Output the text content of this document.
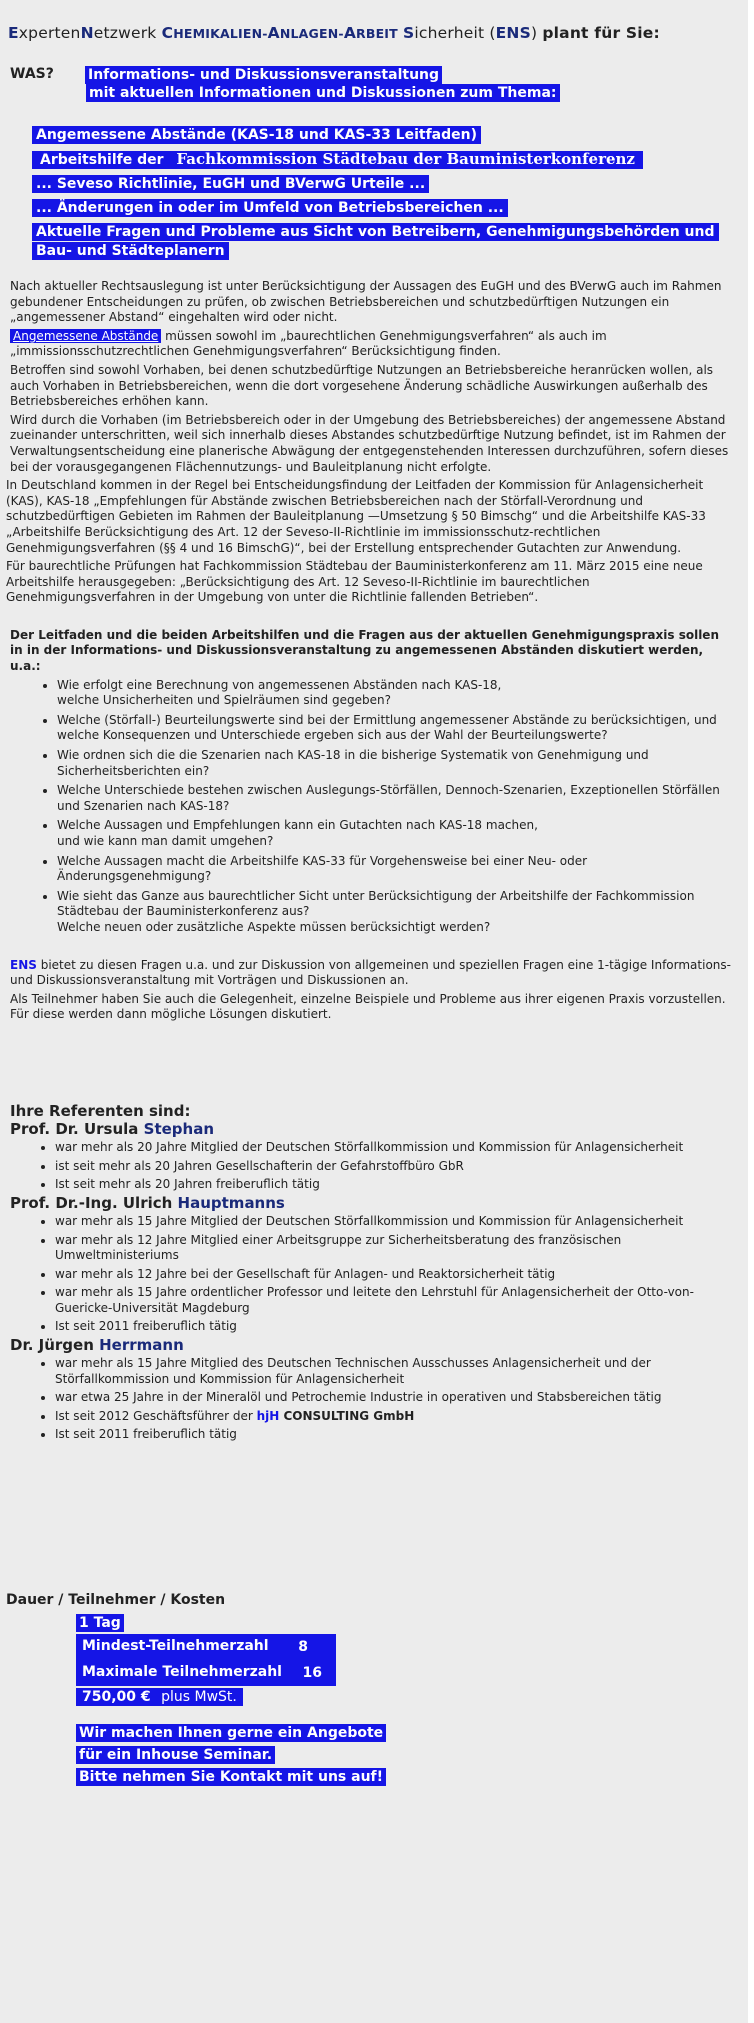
ExpertenNetzwerk CHEMIKALIEN-ANLAGEN-ARBEIT Sicherheit (ENS) plant für Sie:
WAS? Informations- und Diskussionsveranstaltung
mit aktuellen Informationen und Diskussionen zum Thema:
Angemessene Abstände (KAS-18 und KAS-33 Leitfaden)
Arbeitshilfe der Fachkommission Städtebau der Bauministerkonferenz
... Seveso Richtlinie, EuGH und BVerwG Urteile ...
... Änderungen in oder im Umfeld von Betriebsbereichen ...
Aktuelle Fragen und Probleme aus Sicht von Betreibern, Genehmigungsbehörden und
Bau- und Städteplanern

Nach aktueller Rechtsauslegung ist unter Berücksichtigung der Aussagen des EuGH und des BVerwG auch im Rahmen gebundener Entscheidungen zu prüfen, ob zwischen Betriebsbereichen und schutzbedürftigen Nutzungen ein „angemessener Abstand“ eingehalten wird oder nicht.

Angemessene Abstände müssen sowohl im „baurechtlichen Genehmigungsverfahren“ als auch im „immissionsschutzrechtlichen Genehmigungsverfahren“ Berücksichtigung finden.

Betroffen sind sowohl Vorhaben, bei denen schutzbedürftige Nutzungen an Betriebsbereiche heranrücken wollen, als auch Vorhaben in Betriebsbereichen, wenn die dort vorgesehene Änderung schädliche Auswirkungen außerhalb des Betriebsbereiches erhöhen kann.

Wird durch die Vorhaben (im Betriebsbereich oder in der Umgebung des Betriebsbereiches) der angemessene Abstand zueinander unterschritten, weil sich innerhalb dieses Abstandes schutzbedürftige Nutzung befindet, ist im Rahmen der Verwaltungsentscheidung eine planerische Abwägung der entgegenstehenden Interessen durchzuführen, sofern dieses bei der vorausgegangenen Flächennutzungs- und Bauleitplanung nicht erfolgte.

In Deutschland kommen in der Regel bei Entscheidungsfindung der Leitfaden der Kommission für Anlagensicherheit (KAS), KAS-18 „Empfehlungen für Abstände zwischen Betriebsbereichen nach der Störfall-Verordnung und schutzbedürftigen Gebieten im Rahmen der Bauleitplanung —Umsetzung § 50 Bimschg“ und die Arbeitshilfe KAS-33 „Arbeitshilfe Berücksichtigung des Art. 12 der Seveso-II-Richtlinie im immissionsschutz-rechtlichen Genehmigungsverfahren (§§ 4 und 16 BimschG)“, bei der Erstellung entsprechender Gutachten zur Anwendung.

Für baurechtliche Prüfungen hat Fachkommission Städtebau der Bauministerkonferenz am 11. März 2015 eine neue Arbeitshilfe herausgegeben: „Berücksichtigung des Art. 12 Seveso-II-Richtlinie im baurechtlichen Genehmigungsverfahren in der Umgebung von unter die Richtlinie fallenden Betrieben“.

Der Leitfaden und die beiden Arbeitshilfen und die Fragen aus der aktuellen Genehmigungspraxis sollen in in der Informations- und Diskussionsveranstaltung zu angemessenen Abständen diskutiert werden, u.a.:

• Wie erfolgt eine Berechnung von angemessenen Abständen nach KAS-18,
welche Unsicherheiten und Spielräumen sind gegeben?
• Welche (Störfall-) Beurteilungswerte sind bei der Ermittlung angemessener Abstände zu berücksichtigen, und welche Konsequenzen und Unterschiede ergeben sich aus der Wahl der Beurteilungswerte?
• Wie ordnen sich die die Szenarien nach KAS-18 in die bisherige Systematik von Genehmigung und Sicherheitsberichten ein?
• Welche Unterschiede bestehen zwischen Auslegungs-Störfällen, Dennoch-Szenarien, Exzeptionellen Störfällen und Szenarien nach KAS-18?
• Welche Aussagen und Empfehlungen kann ein Gutachten nach KAS-18 machen,
und wie kann man damit umgehen?
• Welche Aussagen macht die Arbeitshilfe KAS-33 für Vorgehensweise bei einer Neu- oder Änderungsgenehmigung?
• Wie sieht das Ganze aus baurechtlicher Sicht unter Berücksichtigung der Arbeitshilfe der Fachkommission Städtebau der Bauministerkonferenz aus?
Welche neuen oder zusätzliche Aspekte müssen berücksichtigt werden?

ENS bietet zu diesen Fragen u.a. und zur Diskussion von allgemeinen und speziellen Fragen eine 1-tägige Informations- und Diskussionsveranstaltung mit Vorträgen und Diskussionen an.

Als Teilnehmer haben Sie auch die Gelegenheit, einzelne Beispiele und Probleme aus ihrer eigenen Praxis vorzustellen. Für diese werden dann mögliche Lösungen diskutiert.

Ihre Referenten sind:
Prof. Dr. Ursula Stephan
• war mehr als 20 Jahre Mitglied der Deutschen Störfallkommission und Kommission für Anlagensicherheit
• ist seit mehr als 20 Jahren Gesellschafterin der Gefahrstoffbüro GbR
• Ist seit mehr als 20 Jahren freiberuflich tätig
Prof. Dr.-Ing. Ulrich Hauptmanns
• war mehr als 15 Jahre Mitglied der Deutschen Störfallkommission und Kommission für Anlagensicherheit
• war mehr als 12 Jahre Mitglied einer Arbeitsgruppe zur Sicherheitsberatung des französischen Umweltministeriums
• war mehr als 12 Jahre bei der Gesellschaft für Anlagen- und Reaktorsicherheit tätig
• war mehr als 15 Jahre ordentlicher Professor und leitete den Lehrstuhl für Anlagensicherheit der Otto-von-Guericke-Universität Magdeburg
• Ist seit 2011 freiberuflich tätig
Dr. Jürgen Herrmann
• war mehr als 15 Jahre Mitglied des Deutschen Technischen Ausschusses Anlagensicherheit und der Störfallkommission und Kommission für Anlagensicherheit
• war etwa 25 Jahre in der Mineralöl und Petrochemie Industrie in operativen und Stabsbereichen tätig
• Ist seit 2012 Geschäftsführer der hjH CONSULTING GmbH
• Ist seit 2011 freiberuflich tätig
Dauer / Teilnehmer / Kosten
1 Tag
Mindest-Teilnehmerzahl 8
Maximale Teilnehmerzahl 16
750,00 € plus MwSt.
Wir machen Ihnen gerne ein Angebote
für ein Inhouse Seminar.
Bitte nehmen Sie Kontakt mit uns auf!
